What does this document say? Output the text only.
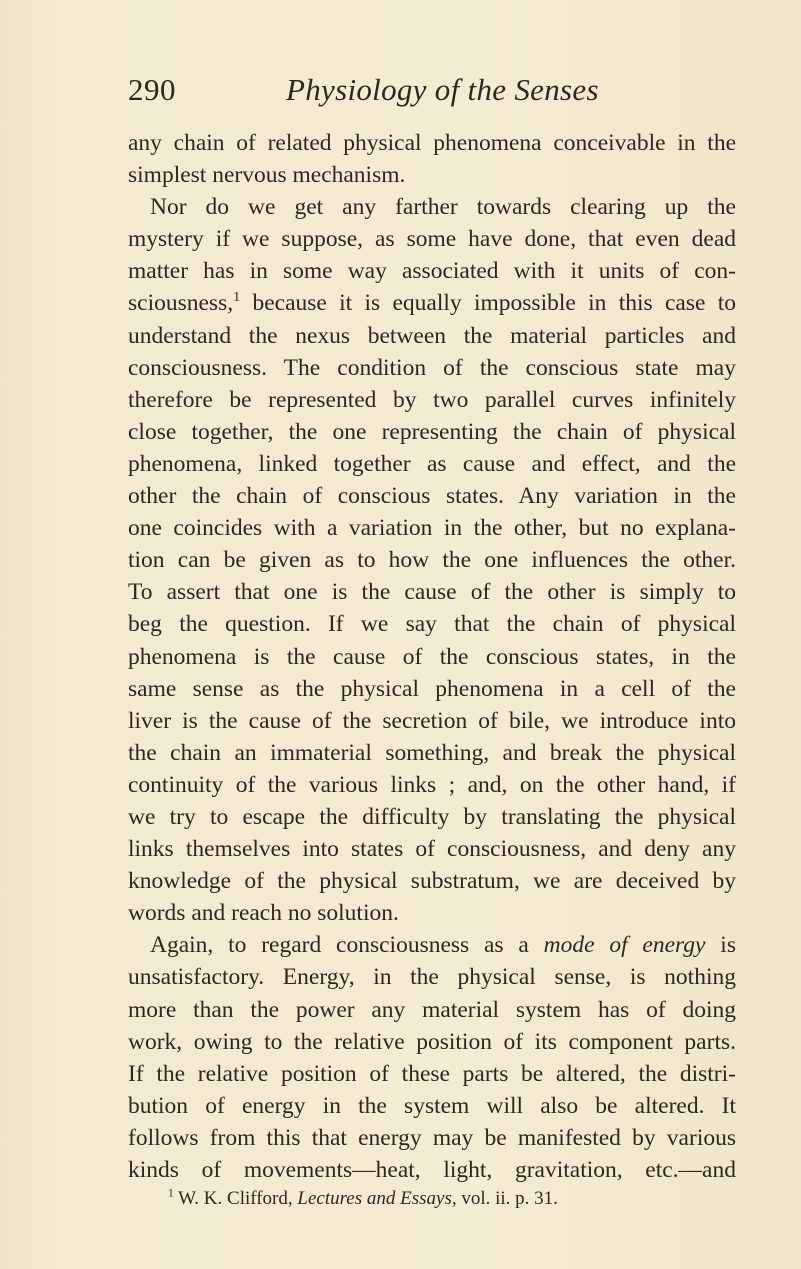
290	Physiology of the Senses
any chain of related physical phenomena conceivable in the
simplest nervous mechanism.
Nor do we get any farther towards clearing up the
mystery if we suppose, as some have done, that even dead
matter has in some way associated with it units of con-
sciousness,$^1$ because it is equally impossible in this case to
understand the nexus between the material particles and
consciousness. The condition of the conscious state may
therefore be represented by two parallel curves infinitely
close together, the one representing the chain of physical
phenomena, linked together as cause and effect, and the
other the chain of conscious states. Any variation in the
one coincides with a variation in the other, but no explana-
tion can be given as to how the one influences the other.
To assert that one is the cause of the other is simply to
beg the question. If we say that the chain of physical
phenomena is the cause of the conscious states, in the
same sense as the physical phenomena in a cell of the
liver is the cause of the secretion of bile, we introduce into
the chain an immaterial something, and break the physical
continuity of the various links ; and, on the other hand, if
we try to escape the difficulty by translating the physical
links themselves into states of consciousness, and deny any
knowledge of the physical substratum, we are deceived by
words and reach no solution.
Again, to regard consciousness as a mode of energy is
unsatisfactory. Energy, in the physical sense, is nothing
more than the power any material system has of doing
work, owing to the relative position of its component parts.
If the relative position of these parts be altered, the distri-
bution of energy in the system will also be altered. It
follows from this that energy may be manifested by various
kinds of movements—heat, light, gravitation, etc.—and
$^1$ W. K. Clifford, Lectures and Essays, vol. ii. p. 31.
